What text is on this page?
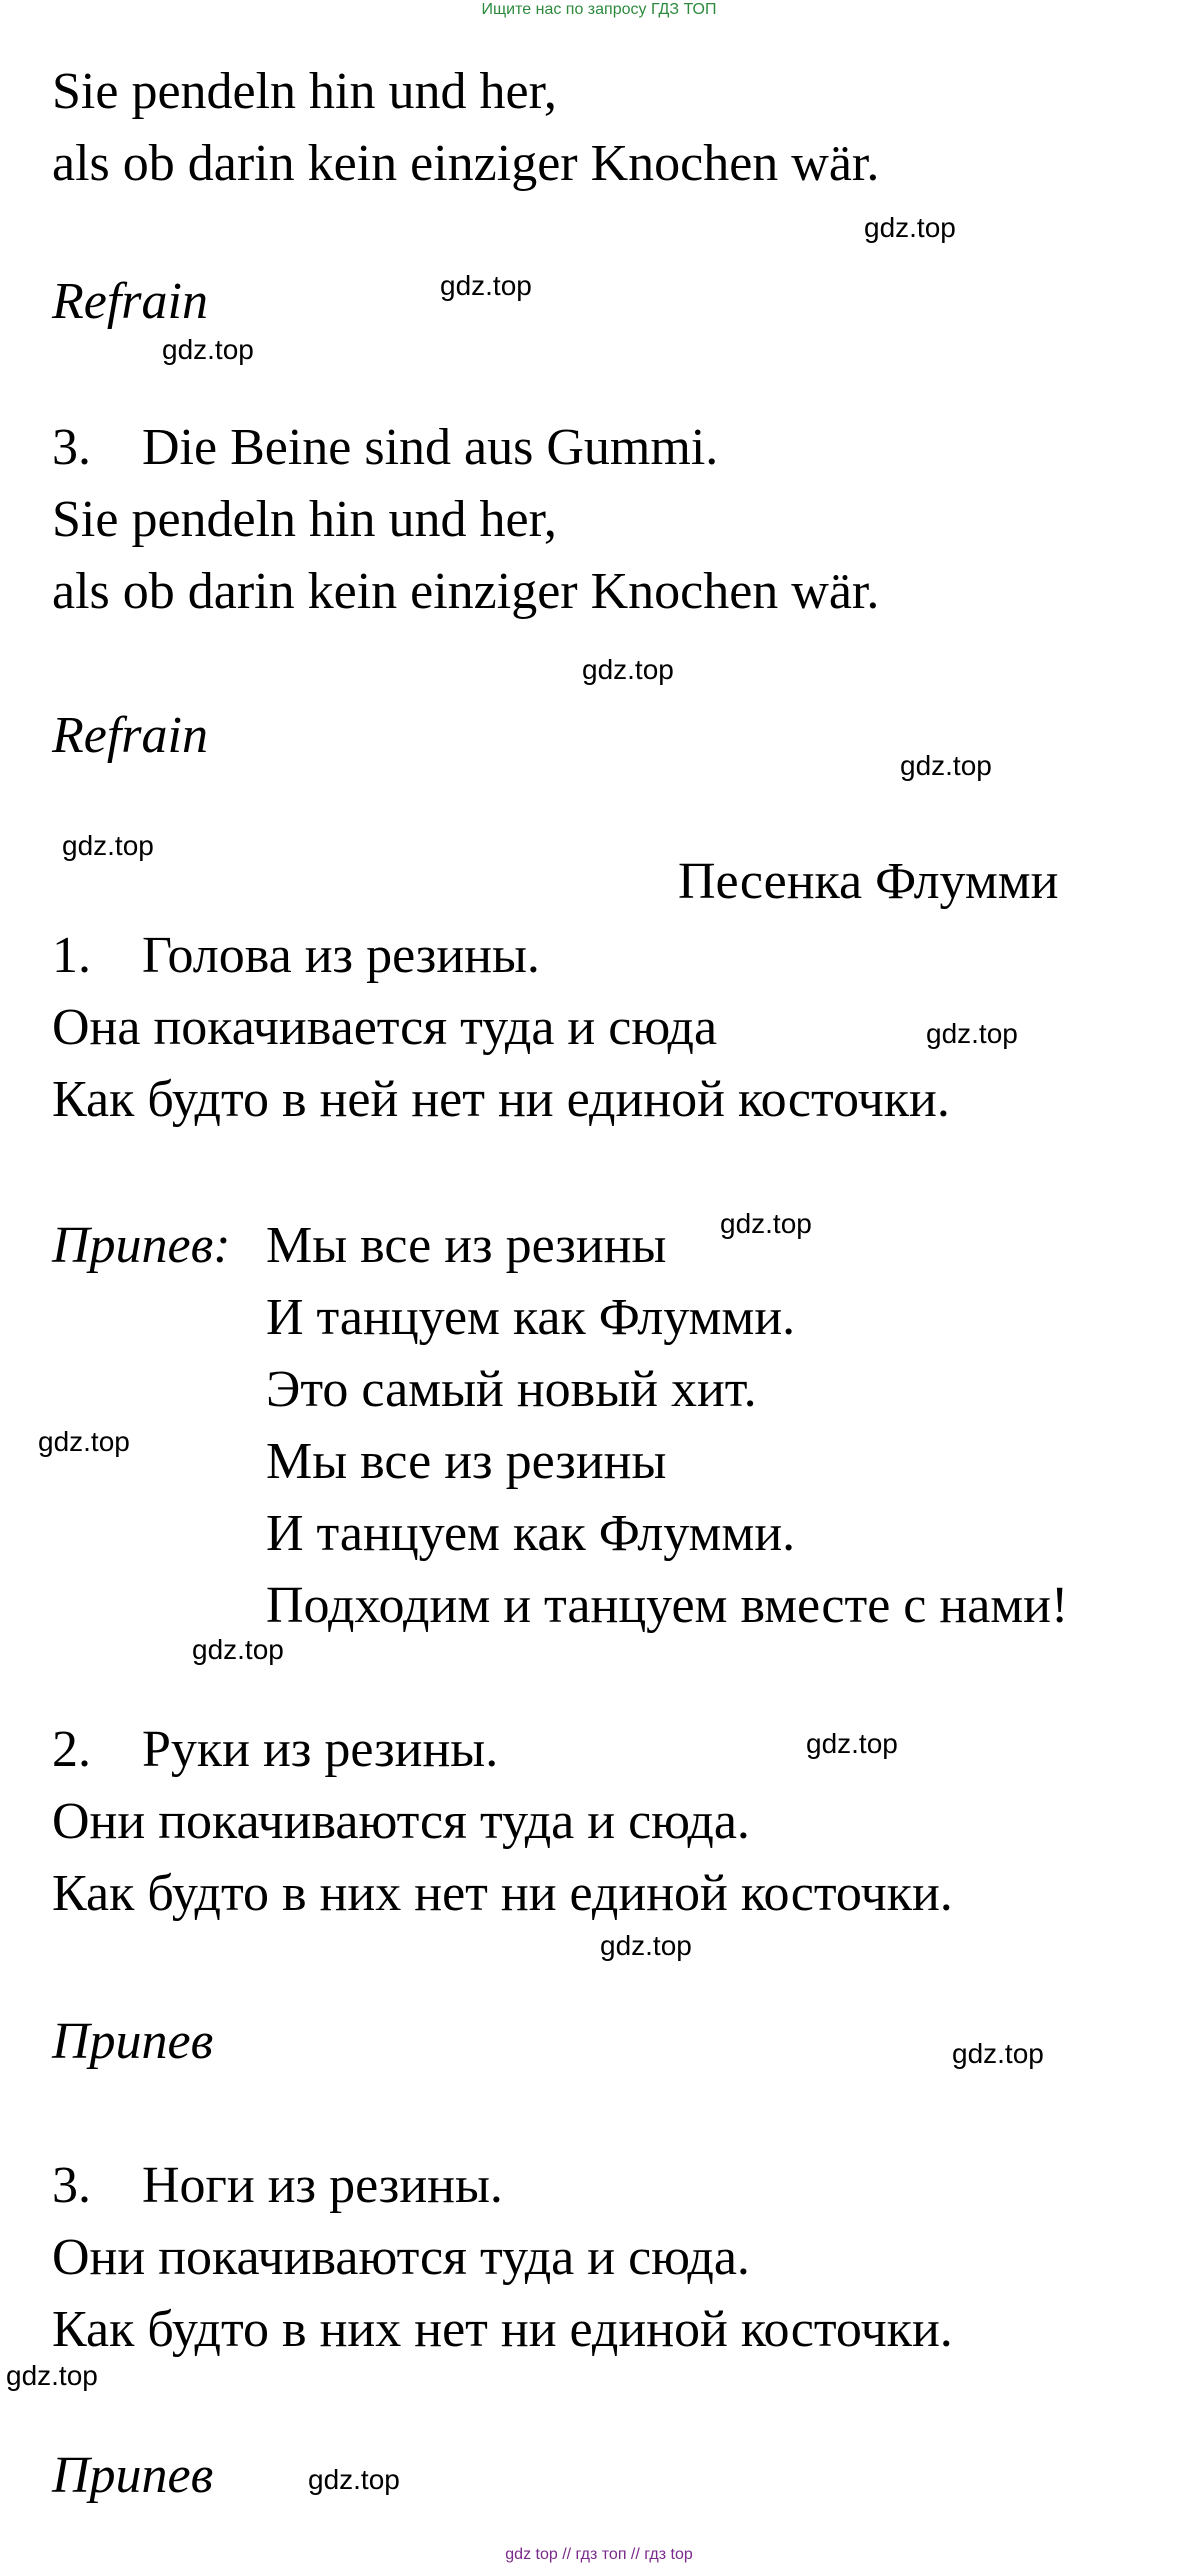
Ищите нас по запросу ГДЗ ТОП
Sie pendeln hin und her,
als ob darin kein einziger Knochen wär.
Refrain
3. Die Beine sind aus Gummi.
Sie pendeln hin und her,
als ob darin kein einziger Knochen wär.
Refrain
Песенка Флумми
1. Голова из резины.
Она покачивается туда и сюда
Как будто в ней нет ни единой косточки.
Припев: Мы все из резины
И танцуем как Флумми.
Это самый новый хит.
Мы все из резины
И танцуем как Флумми.
Подходим и танцуем вместе с нами!
2. Руки из резины.
Они покачиваются туда и сюда.
Как будто в них нет ни единой косточки.
Припев
3. Ноги из резины.
Они покачиваются туда и сюда.
Как будто в них нет ни единой косточки.
Припев
gdz.top
gdz.top
gdz.top
gdz.top
gdz.top
gdz.top
gdz.top
gdz.top
gdz.top
gdz.top
gdz.top
gdz.top
gdz.top
gdz.top
gdz.top
gdz top // гдз топ // гдз top
